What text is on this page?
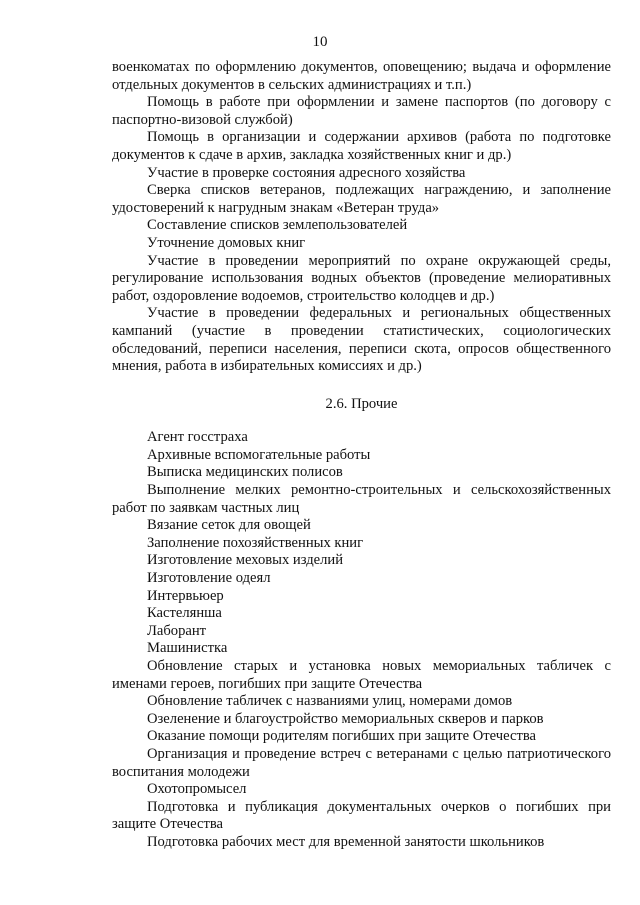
10

военкоматах по оформлению документов, оповещению; выдача и оформление отдельных документов в сельских администрациях и т.п.)

Помощь в работе при оформлении и замене паспортов (по договору с паспортно-визовой службой)

Помощь в организации и содержании архивов (работа по подготовке документов к сдаче в архив, закладка хозяйственных книг и др.)

Участие в проверке состояния адресного хозяйства

Сверка списков ветеранов, подлежащих награждению, и заполнение удостоверений к нагрудным знакам «Ветеран труда»

Составление списков землепользователей

Уточнение домовых книг

Участие в проведении мероприятий по охране окружающей среды, регулирование использования водных объектов (проведение мелиоративных работ, оздоровление водоемов, строительство колодцев и др.)

Участие в проведении федеральных и региональных общественных кампаний (участие в проведении статистических, социологических обследований, переписи населения, переписи скота, опросов общественного мнения, работа в избирательных комиссиях и др.)

2.6. Прочие

Агент госстраха

Архивные вспомогательные работы

Выписка медицинских полисов

Выполнение мелких ремонтно-строительных и сельскохозяйственных работ по заявкам частных лиц

Вязание сеток для овощей

Заполнение похозяйственных книг

Изготовление меховых изделий

Изготовление одеял

Интервьюер

Кастелянша

Лаборант

Машинистка

Обновление старых и установка новых мемориальных табличек с именами героев, погибших при защите Отечества

Обновление табличек с названиями улиц, номерами домов

Озеленение и благоустройство мемориальных скверов и парков

Оказание помощи родителям погибших при защите Отечества

Организация и проведение встреч с ветеранами с целью патриотического воспитания молодежи

Охотопромысел

Подготовка и публикация документальных очерков о погибших при защите Отечества

Подготовка рабочих мест для временной занятости школьников
